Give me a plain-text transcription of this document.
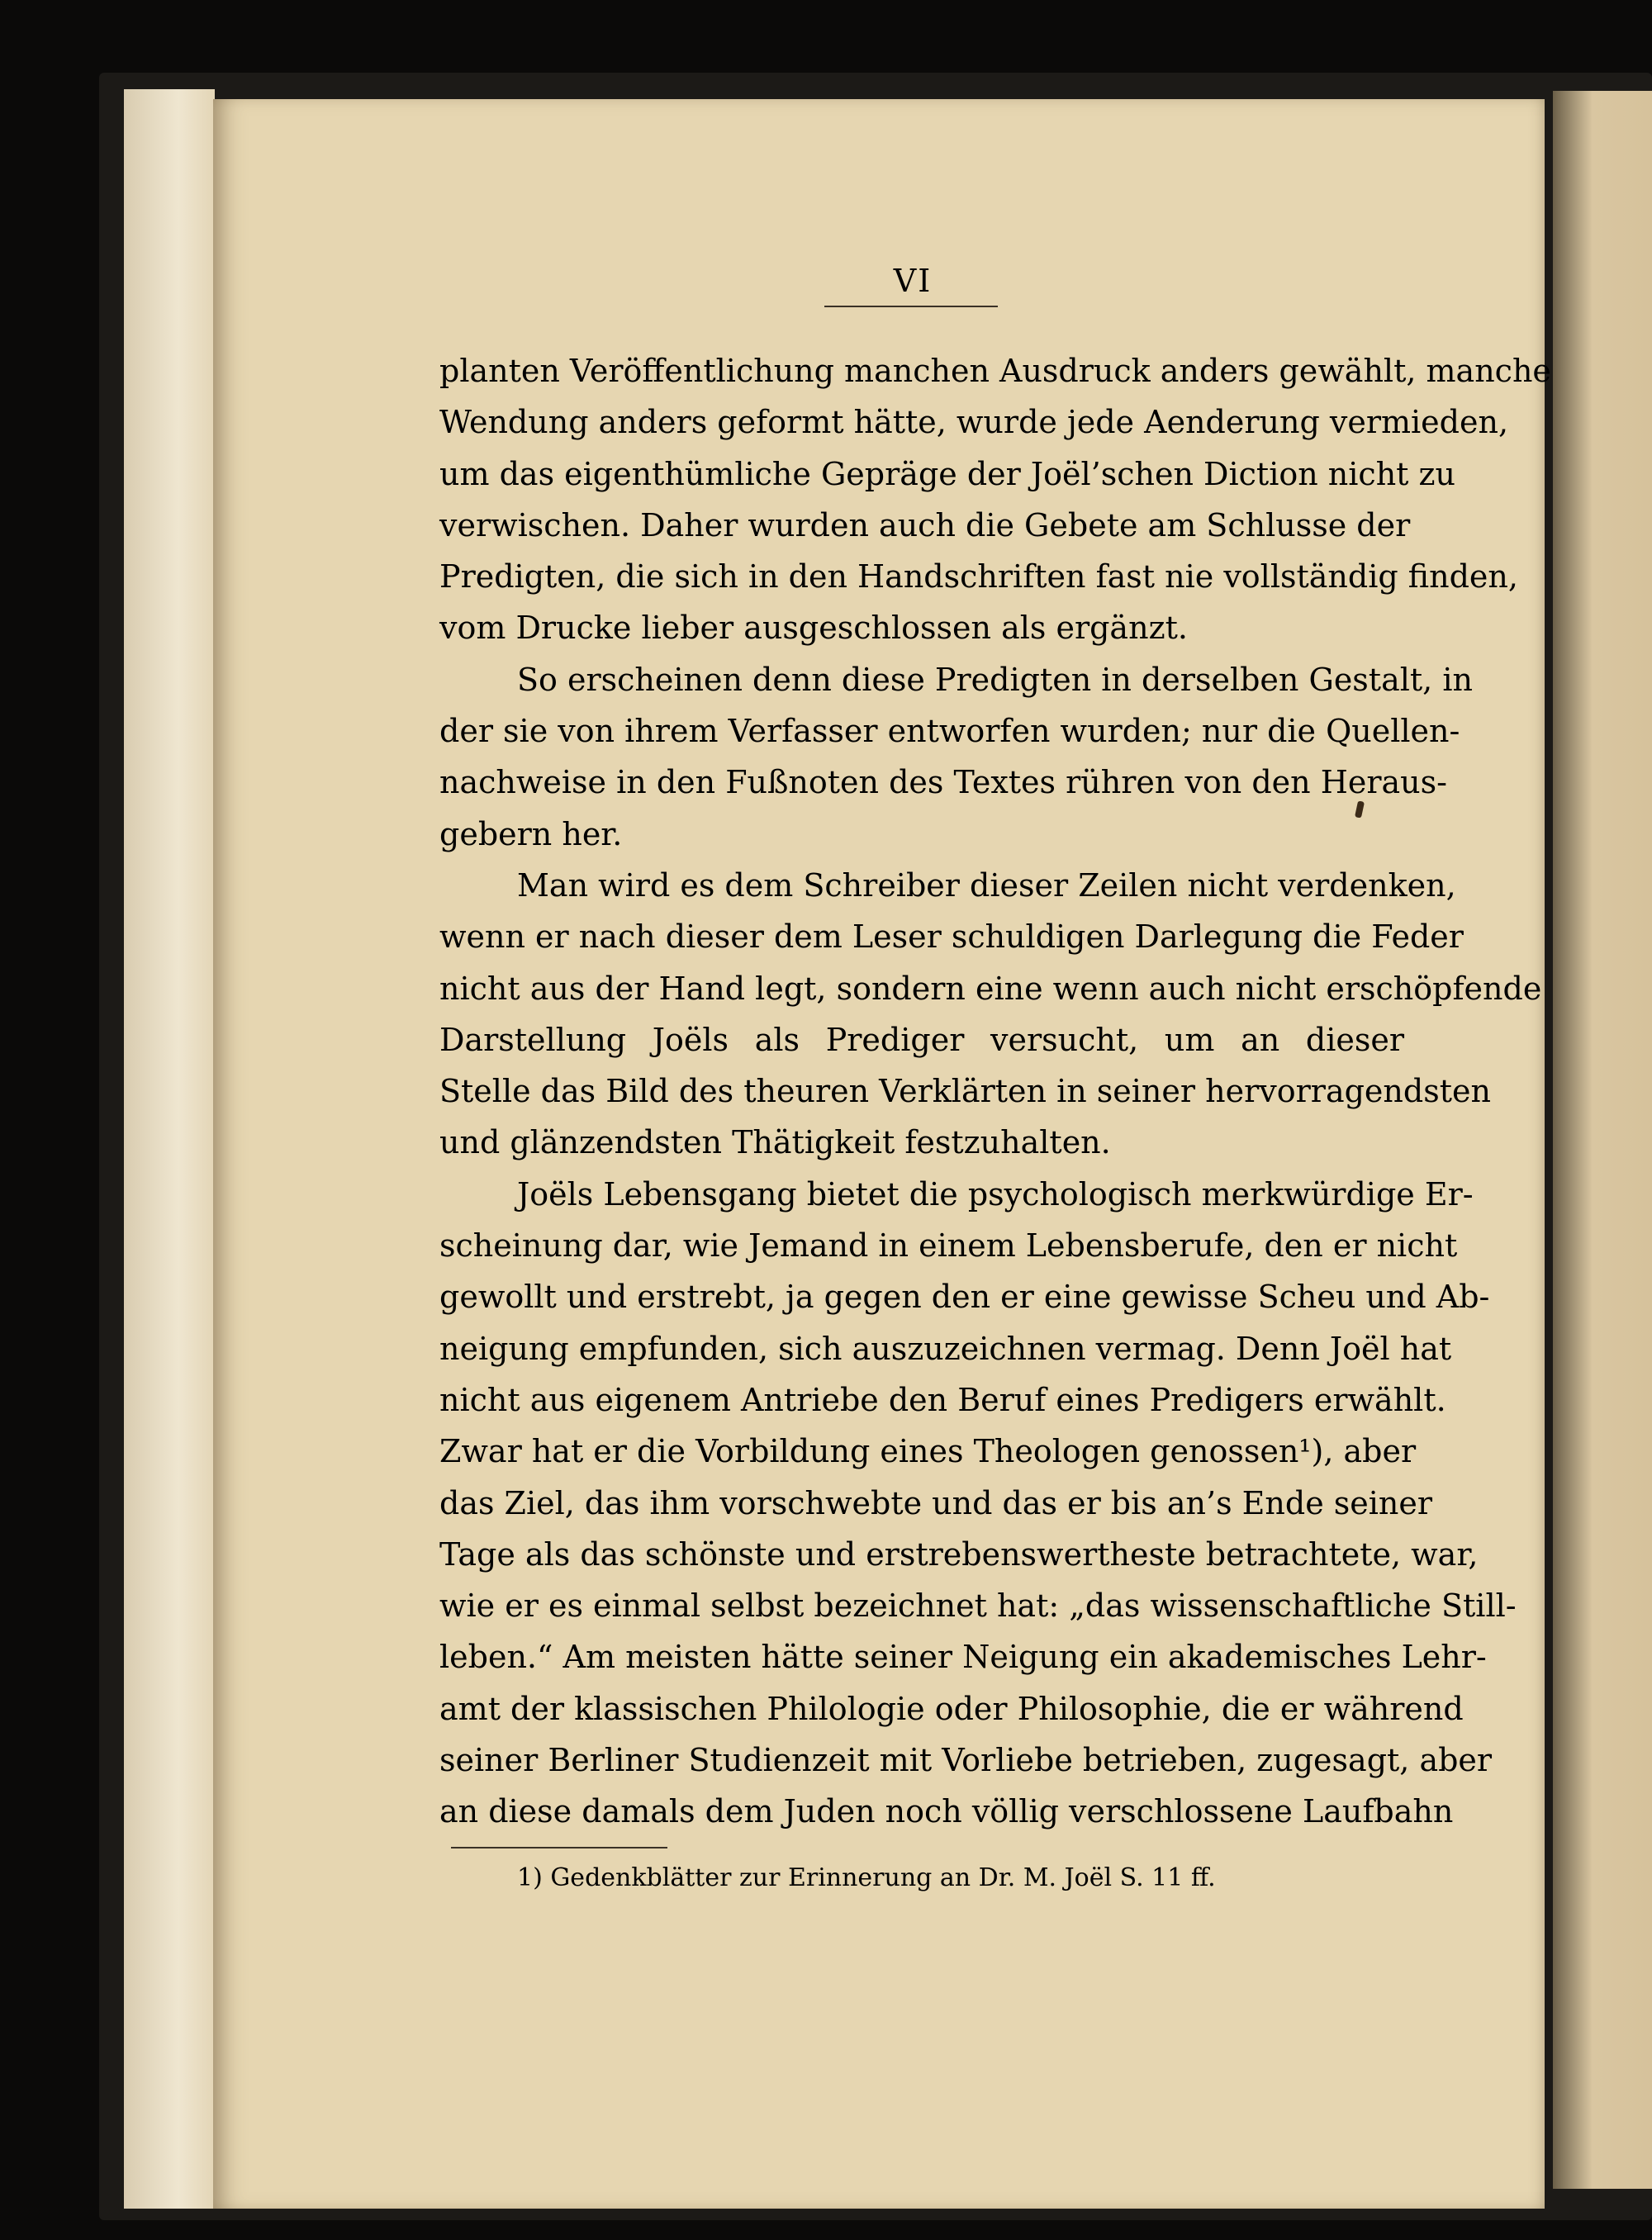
VI
planten Veröffentlichung manchen Ausdruck anders gewählt, manche
Wendung anders geformt hätte, wurde jede Aenderung vermieden,
um das eigenthümliche Gepräge der Joël’schen Diction nicht zu
verwischen. Daher wurden auch die Gebete am Schlusse der
Predigten, die sich in den Handschriften fast nie vollständig finden,
vom Drucke lieber ausgeschlossen als ergänzt.
So erscheinen denn diese Predigten in derselben Gestalt, in
der sie von ihrem Verfasser entworfen wurden; nur die Quellen-
nachweise in den Fußnoten des Textes rühren von den Heraus-
gebern her.
Man wird es dem Schreiber dieser Zeilen nicht verdenken,
wenn er nach dieser dem Leser schuldigen Darlegung die Feder
nicht aus der Hand legt, sondern eine wenn auch nicht erschöpfende
Darstellung Joëls als Prediger versucht, um an dieser
Stelle das Bild des theuren Verklärten in seiner hervorragendsten
und glänzendsten Thätigkeit festzuhalten.
Joëls Lebensgang bietet die psychologisch merkwürdige Er-
scheinung dar, wie Jemand in einem Lebensberufe, den er nicht
gewollt und erstrebt, ja gegen den er eine gewisse Scheu und Ab-
neigung empfunden, sich auszuzeichnen vermag. Denn Joël hat
nicht aus eigenem Antriebe den Beruf eines Predigers erwählt.
Zwar hat er die Vorbildung eines Theologen genossen¹), aber
das Ziel, das ihm vorschwebte und das er bis an’s Ende seiner
Tage als das schönste und erstrebenswertheste betrachtete, war,
wie er es einmal selbst bezeichnet hat: „das wissenschaftliche Still-
leben.“ Am meisten hätte seiner Neigung ein akademisches Lehr-
amt der klassischen Philologie oder Philosophie, die er während
seiner Berliner Studienzeit mit Vorliebe betrieben, zugesagt, aber
an diese damals dem Juden noch völlig verschlossene Laufbahn
1) Gedenkblätter zur Erinnerung an Dr. M. Joël S. 11 ff.
